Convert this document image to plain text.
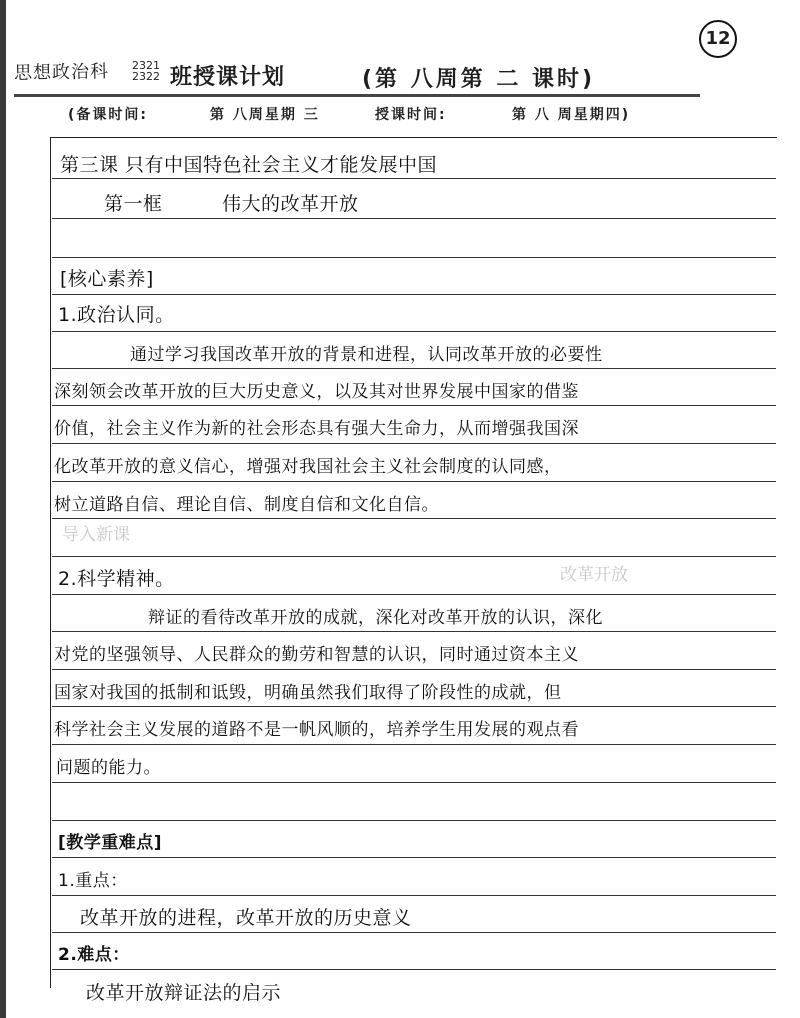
12
思想政治科 2321
2322 班授课计划	(第 八周第 二 课时)
(备课时间:	第 八周星期 三	授课时间:	第 八 周星期四)
导入新课
改革开放
第三课 只有中国特色社会主义才能发展中国
第一框	伟大的改革开放
[核心素养]
1.政治认同。
通过学习我国改革开放的背景和进程，认同改革开放的必要性
深刻领会改革开放的巨大历史意义，以及其对世界发展中国家的借鉴
价值，社会主义作为新的社会形态具有强大生命力，从而增强我国深
化改革开放的意义信心，增强对我国社会主义社会制度的认同感，
树立道路自信、理论自信、制度自信和文化自信。
2.科学精神。
辩证的看待改革开放的成就，深化对改革开放的认识，深化
对党的坚强领导、人民群众的勤劳和智慧的认识，同时通过资本主义
国家对我国的抵制和诋毁，明确虽然我们取得了阶段性的成就，但
科学社会主义发展的道路不是一帆风顺的，培养学生用发展的观点看
问题的能力。
[教学重难点]
1.重点：
改革开放的进程，改革开放的历史意义
2.难点：
改革开放辩证法的启示
